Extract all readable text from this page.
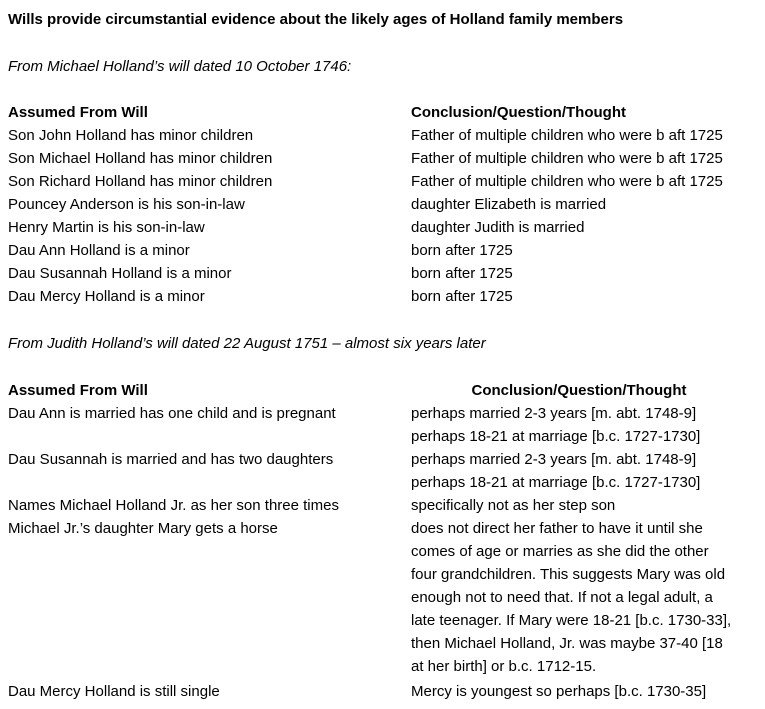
Wills provide circumstantial evidence about the likely ages of Holland family members
From Michael Holland’s will dated 10 October 1746:
Assumed From Will	Conclusion/Question/Thought
Son John Holland has minor children	Father of multiple children who were b aft 1725
Son Michael Holland has minor children	Father of multiple children who were b aft 1725
Son Richard Holland has minor children	Father of multiple children who were b aft 1725
Pouncey Anderson is his son-in-law	daughter Elizabeth is married
Henry Martin is his son-in-law	daughter Judith is married
Dau Ann Holland is a minor	born after 1725
Dau Susannah Holland is a minor	born after 1725
Dau Mercy Holland is a minor	born after 1725
From Judith Holland’s will dated 22 August 1751 – almost six years later
Assumed From Will	Conclusion/Question/Thought
Dau Ann is married has one child and is pregnant	perhaps married 2-3 years [m. abt. 1748-9]
perhaps 18-21 at marriage [b.c. 1727-1730]
Dau Susannah is married and has two daughters	perhaps married 2-3 years [m. abt. 1748-9]
perhaps 18-21 at marriage [b.c. 1727-1730]
Names Michael Holland Jr. as her son three times	specifically not as her step son
Michael Jr.’s daughter Mary gets a horse	does not direct her father to have it until she
comes of age or marries as she did the other
four grandchildren. This suggests Mary was old
enough not to need that. If not a legal adult, a
late teenager. If Mary were 18-21 [b.c. 1730-33],
then Michael Holland, Jr. was maybe 37-40 [18
at her birth] or b.c. 1712-15.
Dau Mercy Holland is still single	Mercy is youngest so perhaps [b.c. 1730-35]
